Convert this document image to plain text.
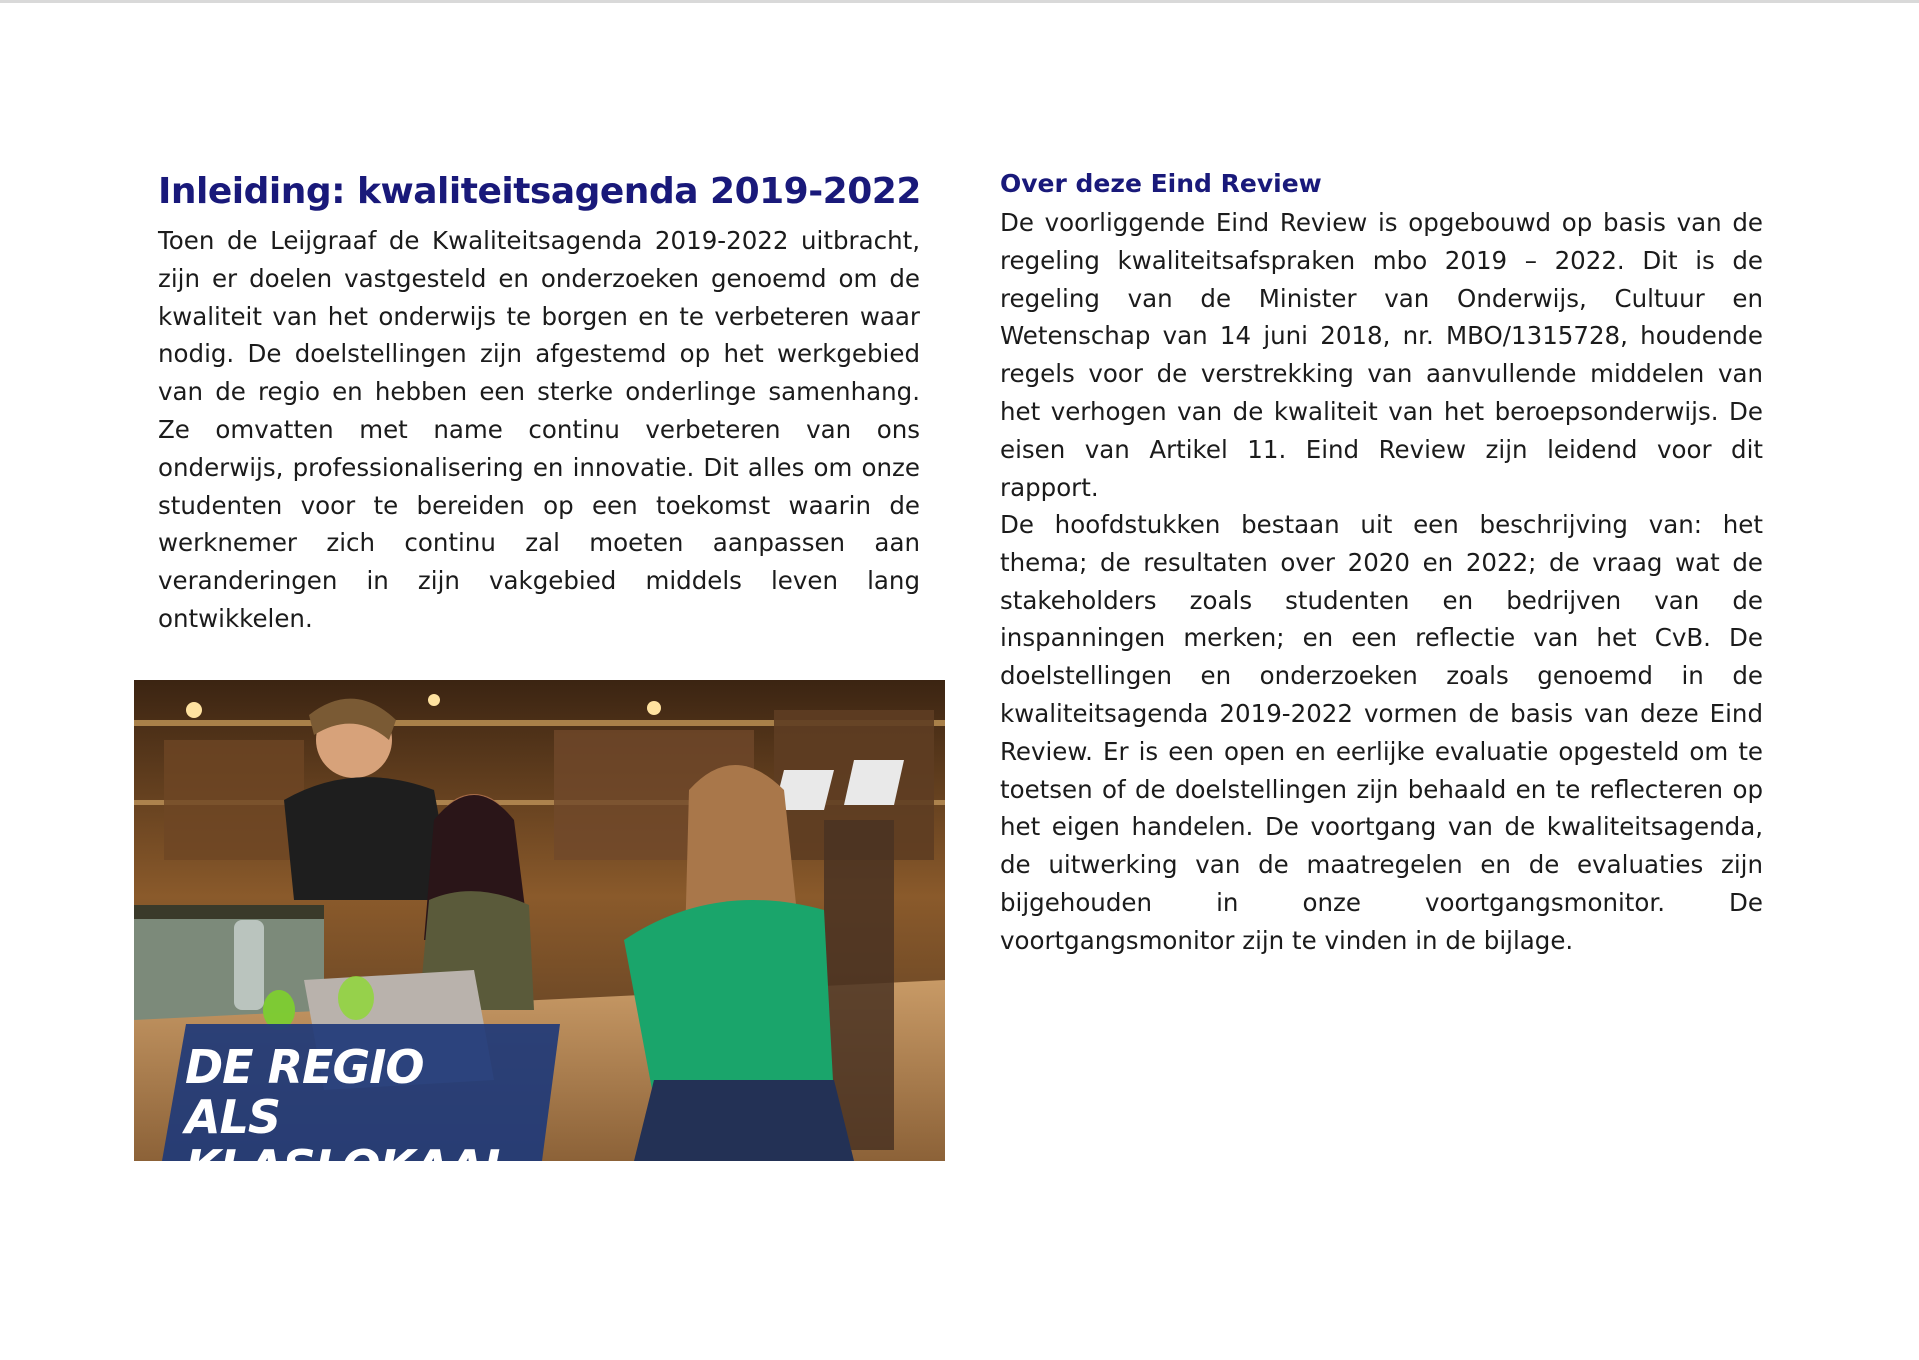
Inleiding: kwaliteitsagenda 2019-2022

Toen de Leijgraaf de Kwaliteitsagenda 2019-2022 uitbracht, zijn er doelen vastgesteld en onderzoeken genoemd om de kwaliteit van het onderwijs te borgen en te verbeteren waar nodig. De doelstellingen zijn afgestemd op het werkgebied van de regio en hebben een sterke onderlinge samenhang. Ze omvatten met name continu verbeteren van ons onderwijs, professionalisering en innovatie. Dit alles om onze studenten voor te bereiden op een toekomst waarin de werknemer zich continu zal moeten aanpassen aan veranderingen in zijn vakgebied middels leven lang ontwikkelen.

DE REGIO ALS
KLASLOKAAL
Over deze Eind Review

De voorliggende Eind Review is opgebouwd op basis van de regeling kwaliteitsafspraken mbo 2019 – 2022. Dit is de regeling van de Minister van Onderwijs, Cultuur en Wetenschap van 14 juni 2018, nr. MBO/1315728, houdende regels voor de verstrekking van aanvullende middelen van het verhogen van de kwaliteit van het beroepsonderwijs. De eisen van Artikel 11. Eind Review zijn leidend voor dit rapport.

De hoofdstukken bestaan uit een beschrijving van: het thema; de resultaten over 2020 en 2022; de vraag wat de stakeholders zoals studenten en bedrijven van de inspanningen merken; en een reflectie van het CvB. De doelstellingen en onderzoeken zoals genoemd in de kwaliteitsagenda 2019-2022 vormen de basis van deze Eind Review. Er is een open en eerlijke evaluatie opgesteld om te toetsen of de doelstellingen zijn behaald en te reflecteren op het eigen handelen. De voortgang van de kwaliteitsagenda, de uitwerking van de maatregelen en de evaluaties zijn bijgehouden in onze voortgangsmonitor. De voortgangsmonitor zijn te vinden in de bijlage.
